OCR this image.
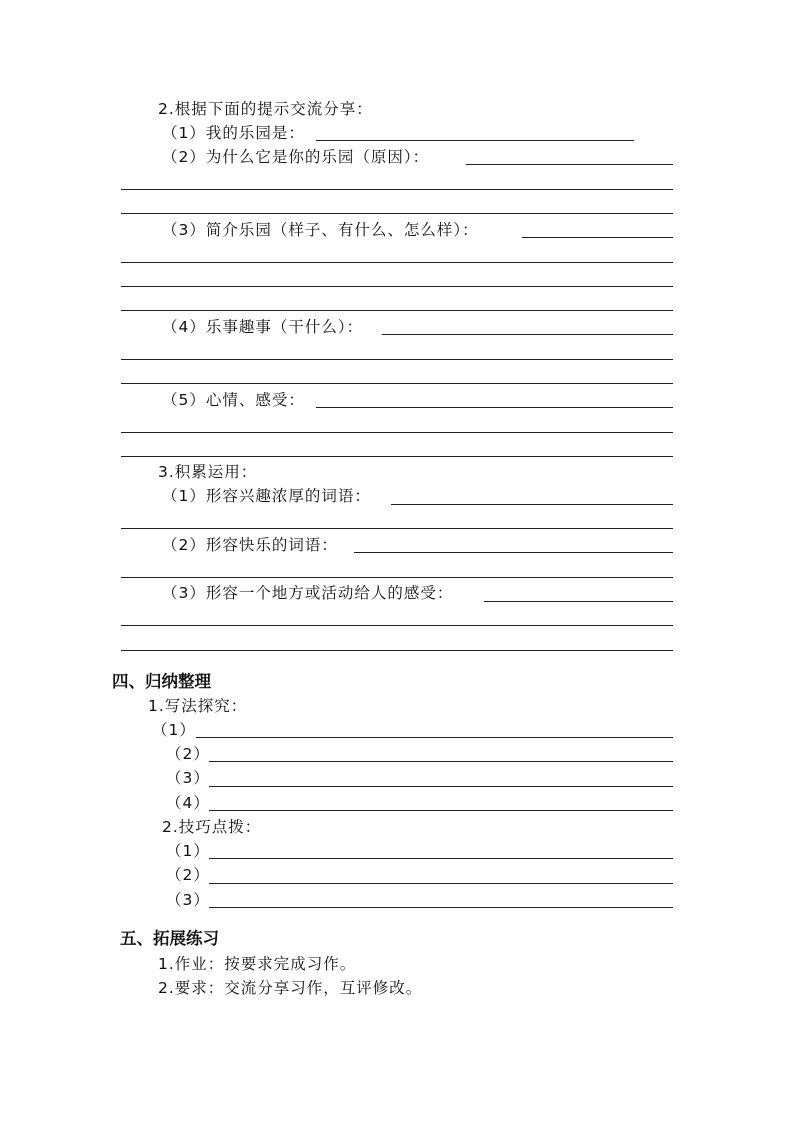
2.根据下面的提示交流分享：
（1）我的乐园是：
（2）为什么它是你的乐园（原因）：
（3）简介乐园（样子、有什么、怎么样）：
（4）乐事趣事（干什么）：
（5）心情、感受：
3.积累运用：
（1）形容兴趣浓厚的词语：
（2）形容快乐的词语：
（3）形容一个地方或活动给人的感受：
四、归纳整理
1.写法探究：
（1）
（2）
（3）
（4）
2.技巧点拨：
（1）
（2）
（3）
五、拓展练习
1.作业：按要求完成习作。
2.要求：交流分享习作，互评修改。
